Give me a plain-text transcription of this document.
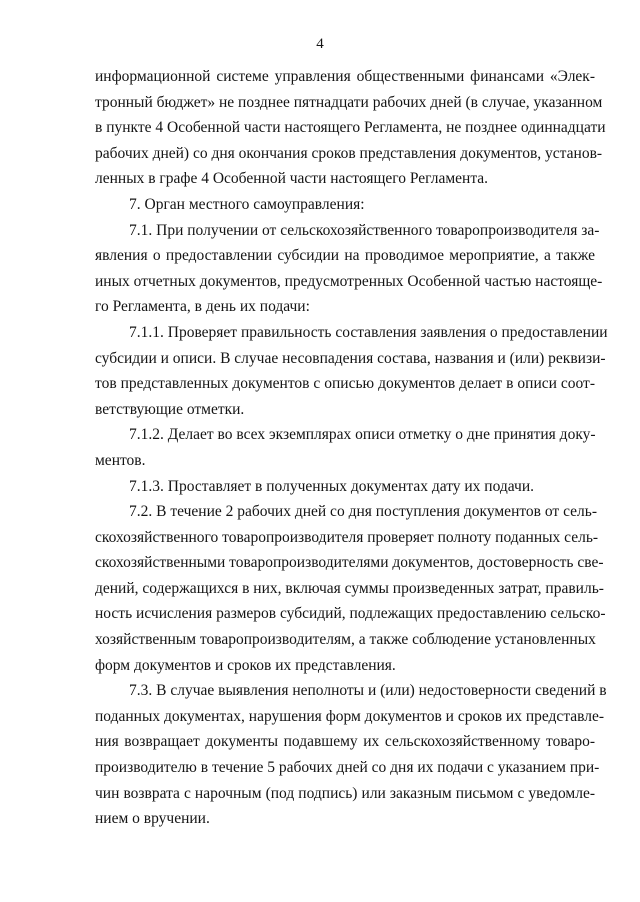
4
информационной системе управления общественными финансами «Элек-
тронный бюджет» не позднее пятнадцати рабочих дней (в случае, указанном
в пункте 4 Особенной части настоящего Регламента, не позднее одиннадцати
рабочих дней) со дня окончания сроков представления документов, установ-
ленных в графе 4 Особенной части настоящего Регламента.
7. Орган местного самоуправления:
7.1. При получении от сельскохозяйственного товаропроизводителя за-
явления о предоставлении субсидии на проводимое мероприятие, а также
иных отчетных документов, предусмотренных Особенной частью настояще-
го Регламента, в день их подачи:
7.1.1. Проверяет правильность составления заявления о предоставлении
субсидии и описи. В случае несовпадения состава, названия и (или) реквизи-
тов представленных документов с описью документов делает в описи соот-
ветствующие отметки.
7.1.2. Делает во всех экземплярах описи отметку о дне принятия доку-
ментов.
7.1.3. Проставляет в полученных документах дату их подачи.
7.2. В течение 2 рабочих дней со дня поступления документов от сель-
скохозяйственного товаропроизводителя проверяет полноту поданных сель-
скохозяйственными товаропроизводителями документов, достоверность све-
дений, содержащихся в них, включая суммы произведенных затрат, правиль-
ность исчисления размеров субсидий, подлежащих предоставлению сельско-
хозяйственным товаропроизводителям, а также соблюдение установленных
форм документов и сроков их представления.
7.3. В случае выявления неполноты и (или) недостоверности сведений в
поданных документах, нарушения форм документов и сроков их представле-
ния возвращает документы подавшему их сельскохозяйственному товаро-
производителю в течение 5 рабочих дней со дня их подачи с указанием при-
чин возврата с нарочным (под подпись) или заказным письмом с уведомле-
нием о вручении.
